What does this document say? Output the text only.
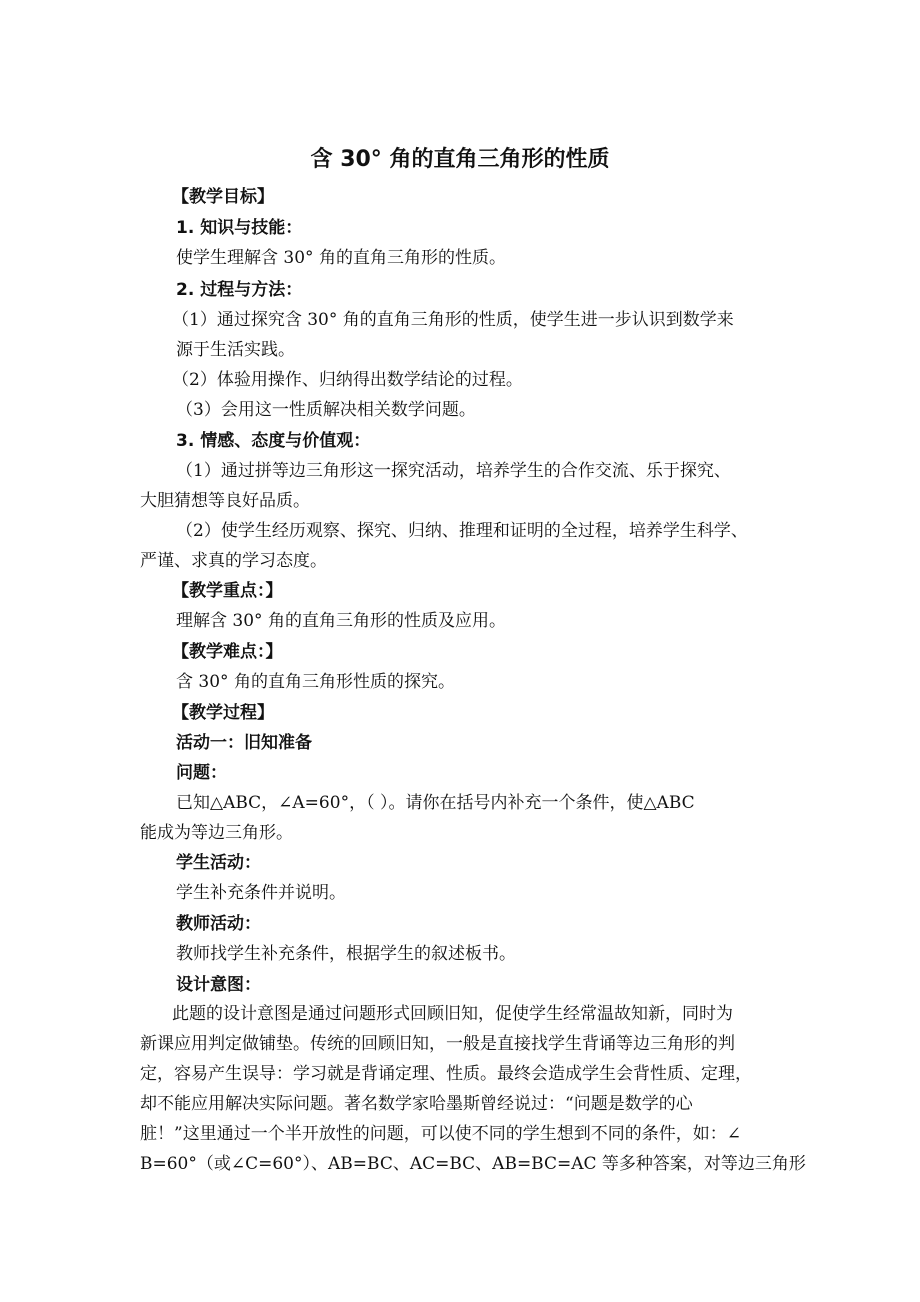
含 30° 角的直角三角形的性质
【教学目标】
1. 知识与技能：
使学生理解含 30° 角的直角三角形的性质。
2. 过程与方法：
（1）通过探究含 30° 角的直角三角形的性质，使学生进一步认识到数学来
源于生活实践。
（2）体验用操作、归纳得出数学结论的过程。
（3）会用这一性质解决相关数学问题。
3. 情感、态度与价值观：
（1）通过拼等边三角形这一探究活动，培养学生的合作交流、乐于探究、
大胆猜想等良好品质。
（2）使学生经历观察、探究、归纳、推理和证明的全过程，培养学生科学、
严谨、求真的学习态度。
【教学重点：】
理解含 30° 角的直角三角形的性质及应用。
【教学难点：】
含 30° 角的直角三角形性质的探究。
【教学过程】
活动一：旧知准备
问题：
已知△ABC，∠A=60°，（ ）。请你在括号内补充一个条件，使△ABC
能成为等边三角形。
学生活动：
学生补充条件并说明。
教师活动：
教师找学生补充条件，根据学生的叙述板书。
设计意图：
此题的设计意图是通过问题形式回顾旧知，促使学生经常温故知新，同时为
新课应用判定做铺垫。传统的回顾旧知，一般是直接找学生背诵等边三角形的判
定，容易产生误导：学习就是背诵定理、性质。最终会造成学生会背性质、定理，
却不能应用解决实际问题。著名数学家哈墨斯曾经说过：“问题是数学的心
脏！”这里通过一个半开放性的问题，可以使不同的学生想到不同的条件，如：∠
B=60°（或∠C=60°）、AB=BC、AC=BC、AB=BC=AC 等多种答案，对等边三角形
